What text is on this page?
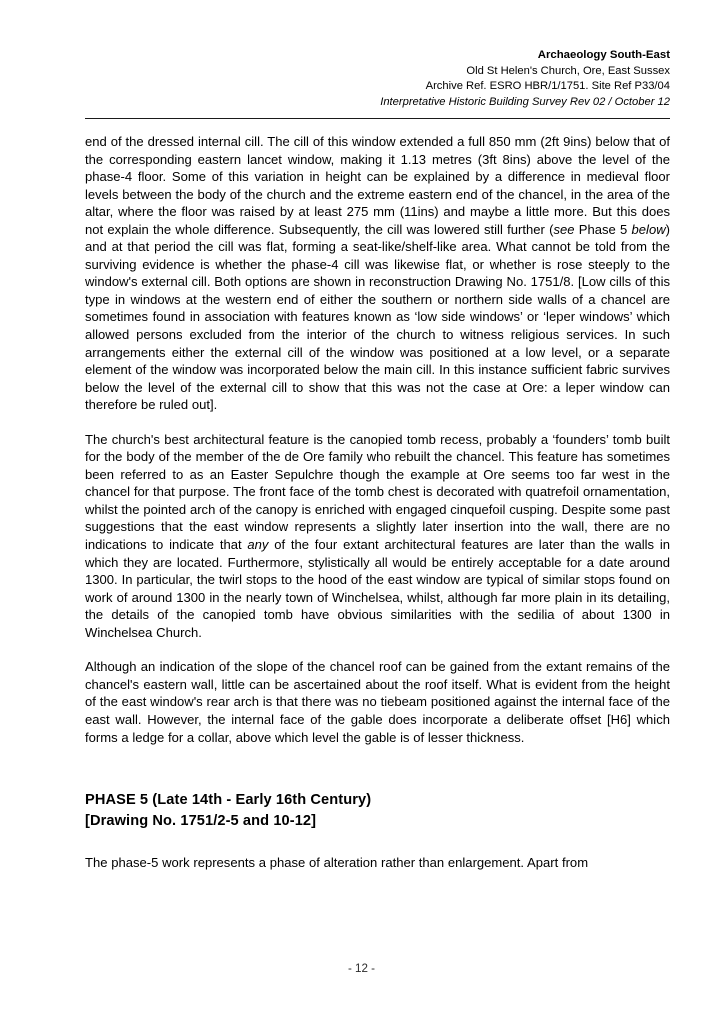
Archaeology South-East
Old St Helen's Church, Ore, East Sussex
Archive Ref. ESRO HBR/1/1751. Site Ref P33/04
Interpretative Historic Building Survey Rev 02 / October 12

end of the dressed internal cill. The cill of this window extended a full 850 mm (2ft 9ins) below that of the corresponding eastern lancet window, making it 1.13 metres (3ft 8ins) above the level of the phase-4 floor. Some of this variation in height can be explained by a difference in medieval floor levels between the body of the church and the extreme eastern end of the chancel, in the area of the altar, where the floor was raised by at least 275 mm (11ins) and maybe a little more. But this does not explain the whole difference. Subsequently, the cill was lowered still further (see Phase 5 below) and at that period the cill was flat, forming a seat-like/shelf-like area. What cannot be told from the surviving evidence is whether the phase-4 cill was likewise flat, or whether is rose steeply to the window's external cill. Both options are shown in reconstruction Drawing No. 1751/8. [Low cills of this type in windows at the western end of either the southern or northern side walls of a chancel are sometimes found in association with features known as ‘low side windows’ or ‘leper windows’ which allowed persons excluded from the interior of the church to witness religious services. In such arrangements either the external cill of the window was positioned at a low level, or a separate element of the window was incorporated below the main cill. In this instance sufficient fabric survives below the level of the external cill to show that this was not the case at Ore: a leper window can therefore be ruled out].

The church's best architectural feature is the canopied tomb recess, probably a ‘founders’ tomb built for the body of the member of the de Ore family who rebuilt the chancel. This feature has sometimes been referred to as an Easter Sepulchre though the example at Ore seems too far west in the chancel for that purpose. The front face of the tomb chest is decorated with quatrefoil ornamentation, whilst the pointed arch of the canopy is enriched with engaged cinquefoil cusping. Despite some past suggestions that the east window represents a slightly later insertion into the wall, there are no indications to indicate that any of the four extant architectural features are later than the walls in which they are located. Furthermore, stylistically all would be entirely acceptable for a date around 1300. In particular, the twirl stops to the hood of the east window are typical of similar stops found on work of around 1300 in the nearly town of Winchelsea, whilst, although far more plain in its detailing, the details of the canopied tomb have obvious similarities with the sedilia of about 1300 in Winchelsea Church.

Although an indication of the slope of the chancel roof can be gained from the extant remains of the chancel's eastern wall, little can be ascertained about the roof itself. What is evident from the height of the east window's rear arch is that there was no tiebeam positioned against the internal face of the east wall. However, the internal face of the gable does incorporate a deliberate offset [H6] which forms a ledge for a collar, above which level the gable is of lesser thickness.

PHASE 5 (Late 14th - Early 16th Century)
[Drawing No. 1751/2-5 and 10-12]

The phase-5 work represents a phase of alteration rather than enlargement. Apart from

- 12 -
